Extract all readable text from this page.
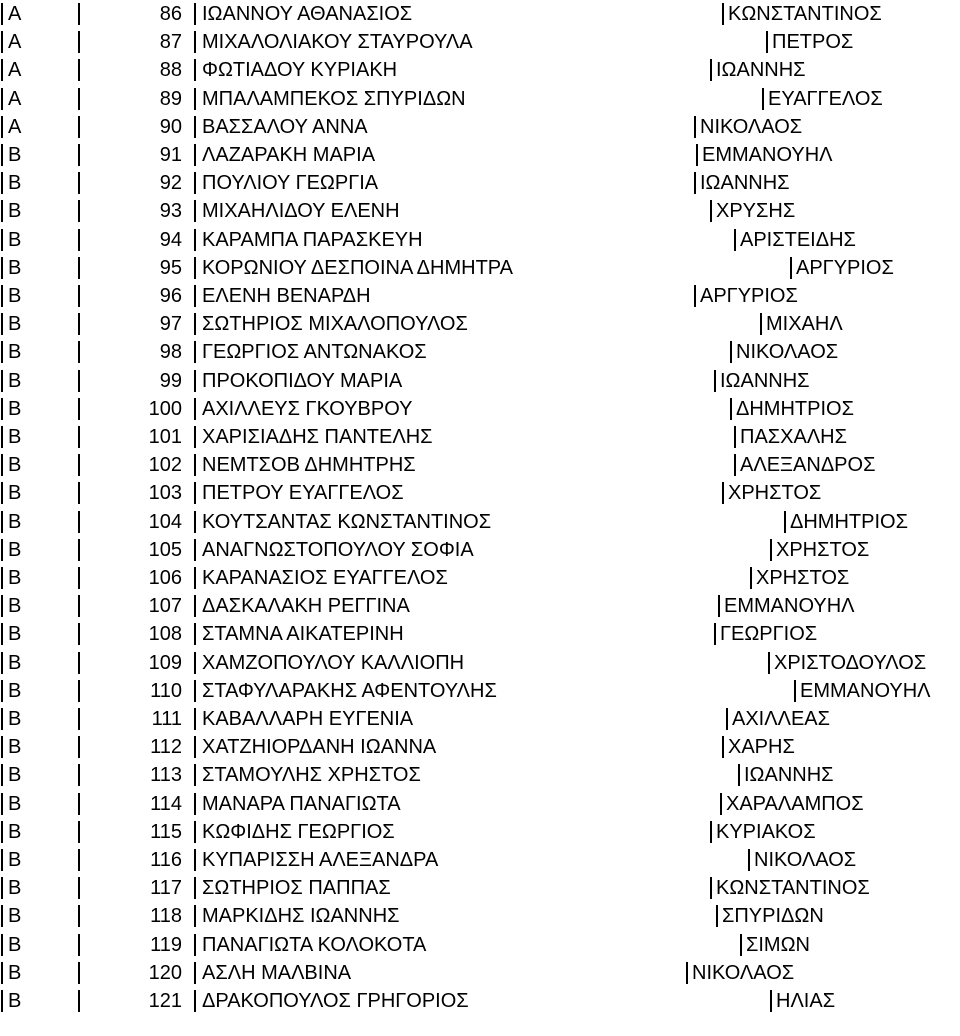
Α	86 ΙΩΑΝΝΟΥ ΑΘΑΝΑΣΙΟΣ	ΚΩΝΣΤΑΝΤΙΝΟΣ
Α	87 ΜΙΧΑΛΟΛΙΑΚΟΥ ΣΤΑΥΡΟΥΛΑ	ΠΕΤΡΟΣ
Α	88 ΦΩΤΙΑΔΟΥ ΚΥΡΙΑΚΗ	ΙΩΑΝΝΗΣ
Α	89 ΜΠΑΛΑΜΠΕΚΟΣ ΣΠΥΡΙΔΩΝ	ΕΥΑΓΓΕΛΟΣ
Α	90 ΒΑΣΣΑΛΟΥ ΑΝΝΑ	ΝΙΚΟΛΑΟΣ
Β	91 ΛΑΖΑΡΑΚΗ ΜΑΡΙΑ	ΕΜΜΑΝΟΥΗΛ
Β	92 ΠΟΥΛΙΟΥ ΓΕΩΡΓΙΑ	ΙΩΑΝΝΗΣ
Β	93 ΜΙΧΑΗΛΙΔΟΥ ΕΛΕΝΗ	ΧΡΥΣΗΣ
Β	94 ΚΑΡΑΜΠΑ ΠΑΡΑΣΚΕΥΗ	ΑΡΙΣΤΕΙΔΗΣ
Β	95 ΚΟΡΩΝΙΟΥ ΔΕΣΠΟΙΝΑ ΔΗΜΗΤΡΑ	ΑΡΓΥΡΙΟΣ
Β	96 ΕΛΕΝΗ ΒΕΝΑΡΔΗ	ΑΡΓΥΡΙΟΣ
Β	97 ΣΩΤΗΡΙΟΣ ΜΙΧΑΛΟΠΟΥΛΟΣ	ΜΙΧΑΗΛ
Β	98 ΓΕΩΡΓΙΟΣ ΑΝΤΩΝΑΚΟΣ	ΝΙΚΟΛΑΟΣ
Β	99 ΠΡΟΚΟΠΙΔΟΥ ΜΑΡΙΑ	ΙΩΑΝΝΗΣ
Β	100 ΑΧΙΛΛΕΥΣ ΓΚΟΥΒΡΟΥ	ΔΗΜΗΤΡΙΟΣ
Β	101 ΧΑΡΙΣΙΑΔΗΣ ΠΑΝΤΕΛΗΣ	ΠΑΣΧΑΛΗΣ
Β	102 ΝΕΜΤΣΟΒ ΔΗΜΗΤΡΗΣ	ΑΛΕΞΑΝΔΡΟΣ
Β	103 ΠΕΤΡΟΥ ΕΥΑΓΓΕΛΟΣ	ΧΡΗΣΤΟΣ
Β	104 ΚΟΥΤΣΑΝΤΑΣ ΚΩΝΣΤΑΝΤΙΝΟΣ	ΔΗΜΗΤΡΙΟΣ
Β	105 ΑΝΑΓΝΩΣΤΟΠΟΥΛΟΥ ΣΟΦΙΑ	ΧΡΗΣΤΟΣ
Β	106 ΚΑΡΑΝΑΣΙΟΣ ΕΥΑΓΓΕΛΟΣ	ΧΡΗΣΤΟΣ
Β	107 ΔΑΣΚΑΛΑΚΗ ΡΕΓΓΙΝΑ	ΕΜΜΑΝΟΥΗΛ
Β	108 ΣΤΑΜΝΑ ΑΙΚΑΤΕΡΙΝΗ	ΓΕΩΡΓΙΟΣ
Β	109 ΧΑΜΖΟΠΟΥΛΟΥ ΚΑΛΛΙΟΠΗ	ΧΡΙΣΤΟΔΟΥΛΟΣ
Β	110 ΣΤΑΦΥΛΑΡΑΚΗΣ ΑΦΕΝΤΟΥΛΗΣ	ΕΜΜΑΝΟΥΗΛ
Β	111 ΚΑΒΑΛΛΑΡΗ ΕΥΓΕΝΙΑ	ΑΧΙΛΛΕΑΣ
Β	112 ΧΑΤΖΗΙΟΡΔΑΝΗ ΙΩΑΝΝΑ	ΧΑΡΗΣ
Β	113 ΣΤΑΜΟΥΛΗΣ ΧΡΗΣΤΟΣ	ΙΩΑΝΝΗΣ
Β	114 ΜΑΝΑΡΑ ΠΑΝΑΓΙΩΤΑ	ΧΑΡΑΛΑΜΠΟΣ
Β	115 ΚΩΦΙΔΗΣ ΓΕΩΡΓΙΟΣ	ΚΥΡΙΑΚΟΣ
Β	116 ΚΥΠΑΡΙΣΣΗ ΑΛΕΞΑΝΔΡΑ	ΝΙΚΟΛΑΟΣ
Β	117 ΣΩΤΗΡΙΟΣ ΠΑΠΠΑΣ	ΚΩΝΣΤΑΝΤΙΝΟΣ
Β	118 ΜΑΡΚΙΔΗΣ ΙΩΑΝΝΗΣ	ΣΠΥΡΙΔΩΝ
Β	119 ΠΑΝΑΓΙΩΤΑ ΚΟΛΟΚΟΤΑ	ΣΙΜΩΝ
Β	120 ΑΣΛΗ ΜΑΛΒΙΝΑ	ΝΙΚΟΛΑΟΣ
Β	121 ΔΡΑΚΟΠΟΥΛΟΣ ΓΡΗΓΟΡΙΟΣ	ΗΛΙΑΣ
